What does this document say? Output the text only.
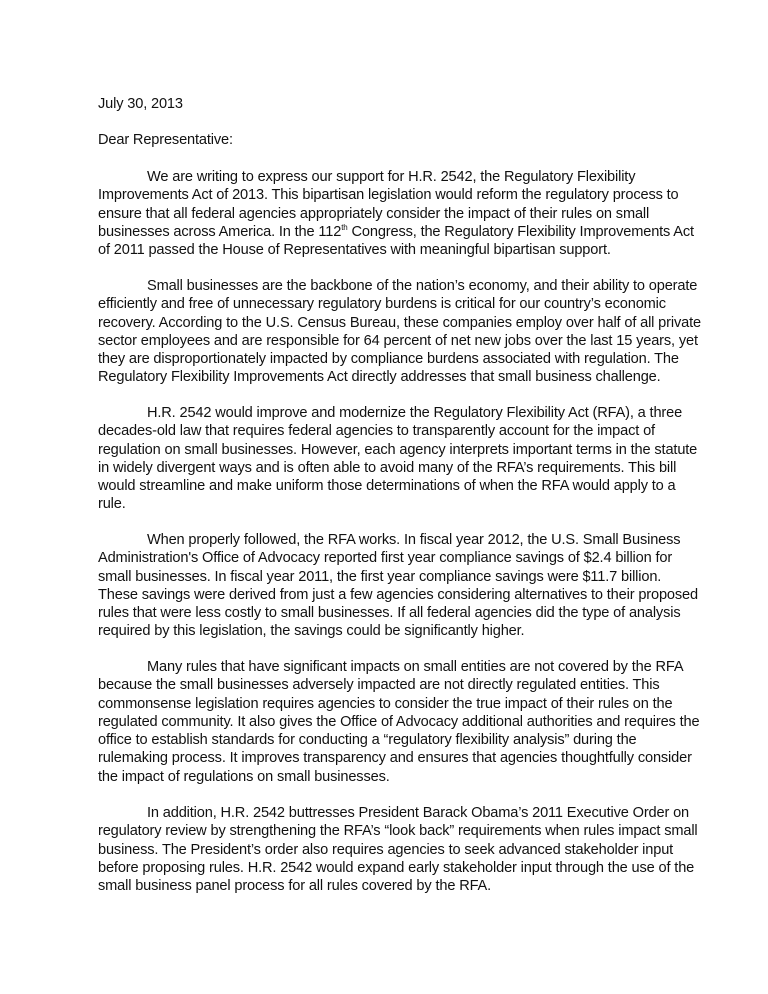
July 30, 2013
Dear Representative:
We are writing to express our support for H.R. 2542, the Regulatory Flexibility
Improvements Act of 2013. This bipartisan legislation would reform the regulatory process to
ensure that all federal agencies appropriately consider the impact of their rules on small
businesses across America. In the 112th Congress, the Regulatory Flexibility Improvements Act
of 2011 passed the House of Representatives with meaningful bipartisan support.
Small businesses are the backbone of the nation’s economy, and their ability to operate
efficiently and free of unnecessary regulatory burdens is critical for our country’s economic
recovery. According to the U.S. Census Bureau, these companies employ over half of all private
sector employees and are responsible for 64 percent of net new jobs over the last 15 years, yet
they are disproportionately impacted by compliance burdens associated with regulation. The
Regulatory Flexibility Improvements Act directly addresses that small business challenge.
H.R. 2542 would improve and modernize the Regulatory Flexibility Act (RFA), a three
decades-old law that requires federal agencies to transparently account for the impact of
regulation on small businesses. However, each agency interprets important terms in the statute
in widely divergent ways and is often able to avoid many of the RFA’s requirements. This bill
would streamline and make uniform those determinations of when the RFA would apply to a
rule.
When properly followed, the RFA works. In fiscal year 2012, the U.S. Small Business
Administration's Office of Advocacy reported first year compliance savings of $2.4 billion for
small businesses. In fiscal year 2011, the first year compliance savings were $11.7 billion.
These savings were derived from just a few agencies considering alternatives to their proposed
rules that were less costly to small businesses. If all federal agencies did the type of analysis
required by this legislation, the savings could be significantly higher.
Many rules that have significant impacts on small entities are not covered by the RFA
because the small businesses adversely impacted are not directly regulated entities. This
commonsense legislation requires agencies to consider the true impact of their rules on the
regulated community. It also gives the Office of Advocacy additional authorities and requires the
office to establish standards for conducting a “regulatory flexibility analysis” during the
rulemaking process. It improves transparency and ensures that agencies thoughtfully consider
the impact of regulations on small businesses.
In addition, H.R. 2542 buttresses President Barack Obama’s 2011 Executive Order on
regulatory review by strengthening the RFA’s “look back” requirements when rules impact small
business. The President’s order also requires agencies to seek advanced stakeholder input
before proposing rules. H.R. 2542 would expand early stakeholder input through the use of the
small business panel process for all rules covered by the RFA.
